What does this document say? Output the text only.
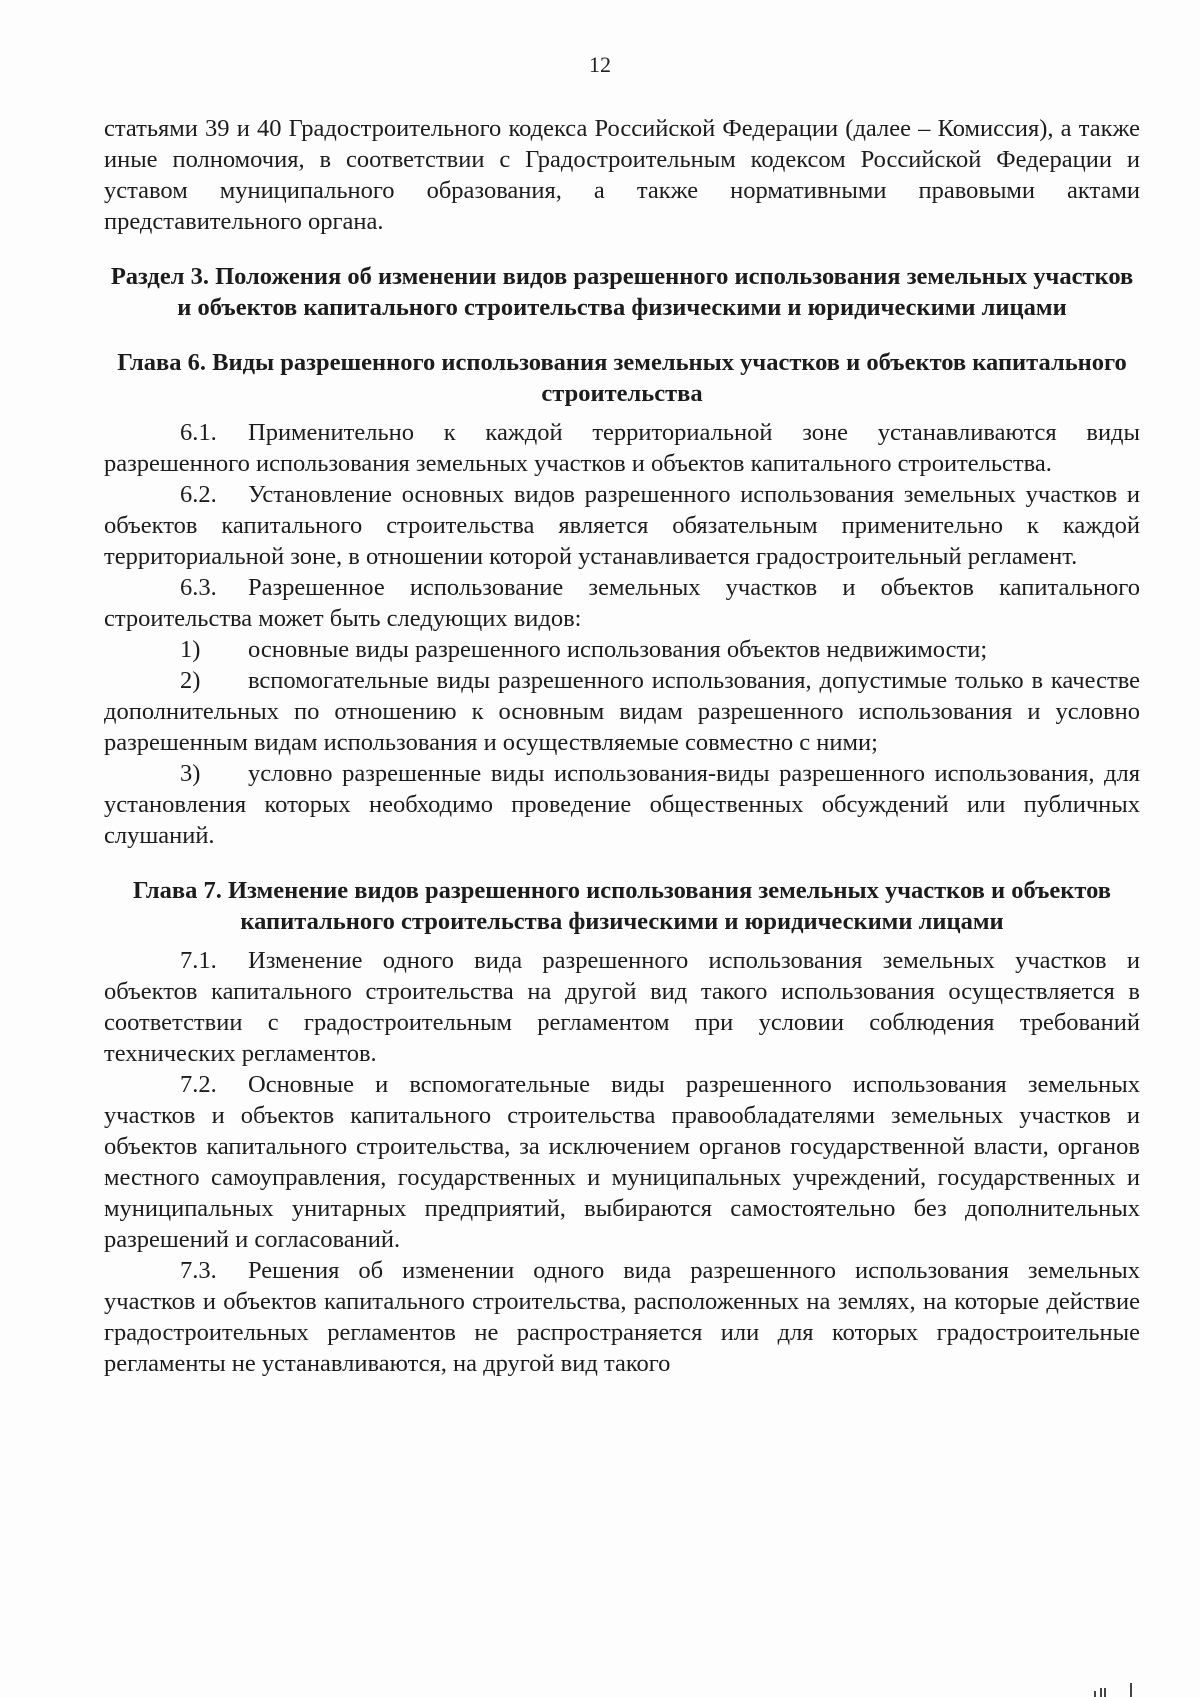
12

статьями 39 и 40 Градостроительного кодекса Российской Федерации (далее – Комиссия), а также иные полномочия, в соответствии с Градостроительным кодексом Российской Федерации и уставом муниципального образования, а также нормативными правовыми актами представительного органа.

Раздел 3. Положения об изменении видов разрешенного использования земельных участков и объектов капитального строительства физическими и юридическими лицами

Глава 6. Виды разрешенного использования земельных участков и объектов капитального строительства

6.1. Применительно к каждой территориальной зоне устанавливаются виды разрешенного использования земельных участков и объектов капитального строительства.

6.2. Установление основных видов разрешенного использования земельных участков и объектов капитального строительства является обязательным применительно к каждой территориальной зоне, в отношении которой устанавливается градостроительный регламент.

6.3. Разрешенное использование земельных участков и объектов капитального строительства может быть следующих видов:

1) основные виды разрешенного использования объектов недвижимости;

2) вспомогательные виды разрешенного использования, допустимые только в качестве дополнительных по отношению к основным видам разрешенного использования и условно разрешенным видам использования и осуществляемые совместно с ними;

3) условно разрешенные виды использования-виды разрешенного использования, для установления которых необходимо проведение общественных обсуждений или публичных слушаний.

Глава 7. Изменение видов разрешенного использования земельных участков и объектов капитального строительства физическими и юридическими лицами

7.1. Изменение одного вида разрешенного использования земельных участков и объектов капитального строительства на другой вид такого использования осуществляется в соответствии с градостроительным регламентом при условии соблюдения требований технических регламентов.

7.2. Основные и вспомогательные виды разрешенного использования земельных участков и объектов капитального строительства правообладателями земельных участков и объектов капитального строительства, за исключением органов государственной власти, органов местного самоуправления, государственных и муниципальных учреждений, государственных и муниципальных унитарных предприятий, выбираются самостоятельно без дополнительных разрешений и согласований.

7.3. Решения об изменении одного вида разрешенного использования земельных участков и объектов капитального строительства, расположенных на землях, на которые действие градостроительных регламентов не распространяется или для которых градостроительные регламенты не устанавливаются, на другой вид такого
